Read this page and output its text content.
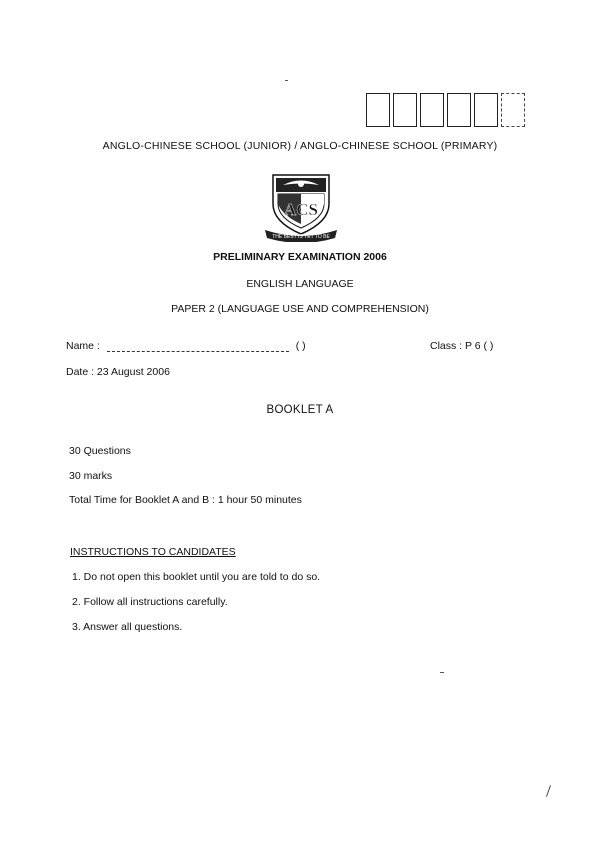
ANGLO-CHINESE SCHOOL (JUNIOR) / ANGLO-CHINESE SCHOOL (PRIMARY)
ACS
THE BEST IS YET TO BE
PRELIMINARY EXAMINATION 2006
ENGLISH LANGUAGE
PAPER 2 (LANGUAGE USE AND COMPREHENSION)
Name :	( )	Class : P 6 ( )
Date : 23 August 2006
BOOKLET A
30 Questions
30 marks
Total Time for Booklet A and B : 1 hour 50 minutes
INSTRUCTIONS TO CANDIDATES
1. Do not open this booklet until you are told to do so.
2. Follow all instructions carefully.
3. Answer all questions.
